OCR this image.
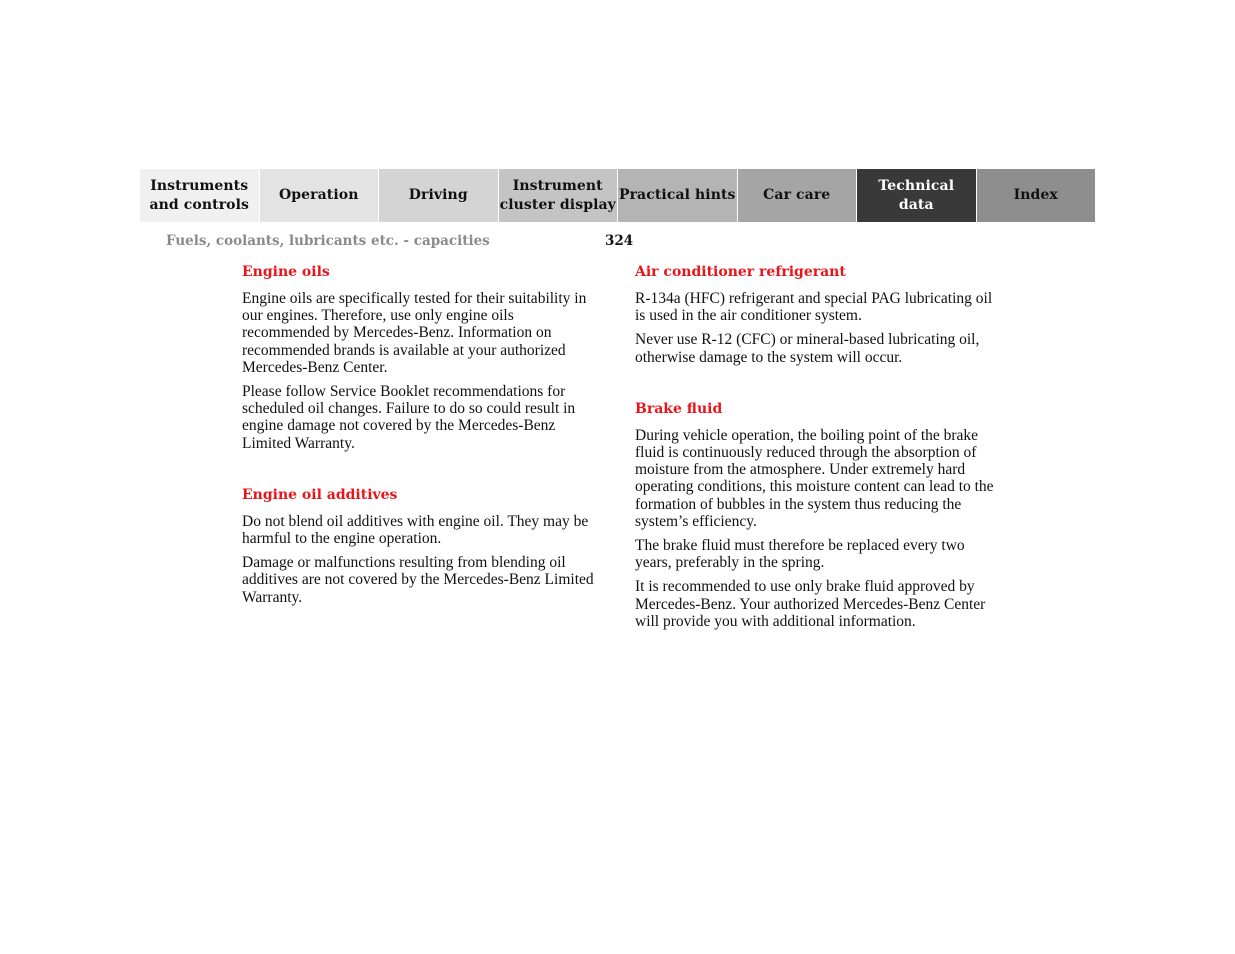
Instruments
and controls
Operation	Driving
Instrument
cluster display
Practical hints	Car care
Technical
data
Index
Fuels, coolants, lubricants etc. - capacities	324
Engine oils

Engine oils are specifically tested for their suitability in our engines. Therefore, use only engine oils recommended by Mercedes-Benz. Information on recommended brands is available at your authorized Mercedes-Benz Center.

Please follow Service Booklet recommendations for scheduled oil changes. Failure to do so could result in engine damage not covered by the Mercedes-Benz Limited Warranty.

Engine oil additives

Do not blend oil additives with engine oil. They may be harmful to the engine operation.

Damage or malfunctions resulting from blending oil additives are not covered by the Mercedes-Benz Limited Warranty.

Air conditioner refrigerant

R-134a (HFC) refrigerant and special PAG lubricating oil is used in the air conditioner system.

Never use R-12 (CFC) or mineral-based lubricating oil, otherwise damage to the system will occur.

Brake fluid

During vehicle operation, the boiling point of the brake fluid is continuously reduced through the absorption of moisture from the atmosphere. Under extremely hard operating conditions, this moisture content can lead to the formation of bubbles in the system thus reducing the system’s efficiency.

The brake fluid must therefore be replaced every two years, preferably in the spring.

It is recommended to use only brake fluid approved by Mercedes-Benz. Your authorized Mercedes-Benz Center will provide you with additional information.
